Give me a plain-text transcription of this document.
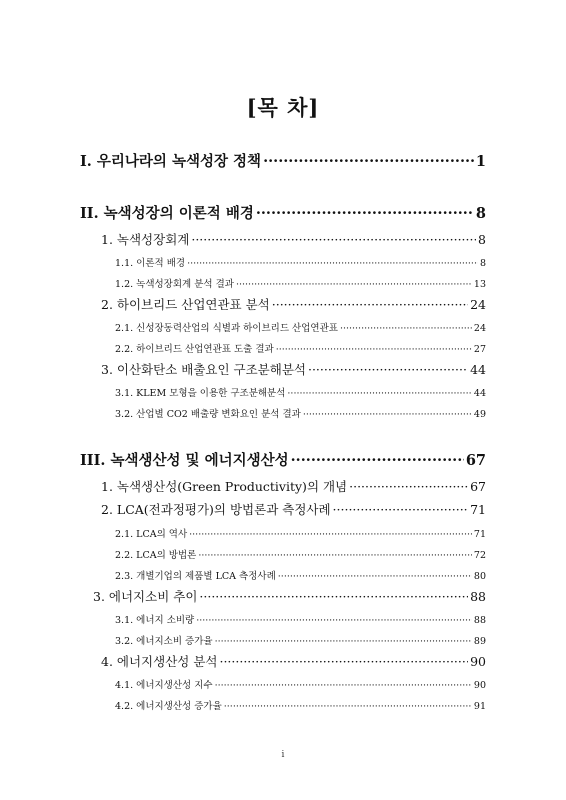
[목 차]
I. 우리나라의 녹색성장 정책 ·····	1
II. 녹색성장의 이론적 배경 ·····	8
1. 녹색성장회계 ·····	8
1.1. 이론적 배경 ·····	8
1.2. 녹색성장회계 분석 결과 ·····	13
2. 하이브리드 산업연관표 분석 ·····	24
2.1. 신성장동력산업의 식별과 하이브리드 산업연관표 ·····	24
2.2. 하이브리드 산업연관표 도출 결과 ·····	27
3. 이산화탄소 배출요인 구조분해분석 ·····	44
3.1. KLEM 모형을 이용한 구조분해분석 ·····	44
3.2. 산업별 CO2 배출량 변화요인 분석 결과 ·····	49
III. 녹색생산성 및 에너지생산성 ·····	67
1. 녹색생산성(Green Productivity)의 개념 ·····	67
2. LCA(전과정평가)의 방법론과 측정사례 ·····	71
2.1. LCA의 역사 ·····	71
2.2. LCA의 방법론 ·····	72
2.3. 개별기업의 제품별 LCA 측정사례 ·····	80
3. 에너지소비 추이 ·····	88
3.1. 에너지 소비량 ·····	88
3.2. 에너지소비 증가율 ·····	89
4. 에너지생산성 분석 ·····	90
4.1. 에너지생산성 지수 ·····	90
4.2. 에너지생산성 증가율 ·····	91
i
